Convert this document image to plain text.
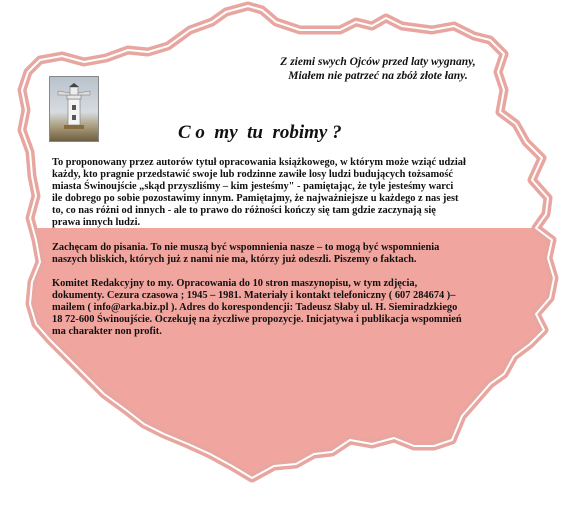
Z ziemi swych Ojców przed laty wygnany,
Miałem nie patrzeć na zbóż złote łany.
C o  my  tu  robimy ?

To proponowany przez autorów tytuł opracowania książkowego, w którym może wziąć udział
każdy, kto pragnie przedstawić swoje lub rodzinne zawiłe losy ludzi budujących tożsamość
miasta Świnoujście „skąd przyszliśmy – kim jesteśmy" - pamiętając, że tyle jesteśmy warci
ile dobrego po sobie pozostawimy innym. Pamiętajmy, że najważniejsze u każdego z nas jest
to, co nas różni od innych - ale to prawo do różności kończy się tam gdzie zaczynają się
prawa innych ludzi.

Zachęcam do pisania. To nie muszą być wspomnienia nasze – to mogą być wspomnienia
naszych bliskich, których już z nami nie ma, którzy już odeszli. Piszemy o faktach.

Komitet Redakcyjny to my. Opracowania do 10 stron maszynopisu, w tym zdjęcia,
dokumenty. Cezura czasowa ; 1945 – 1981. Materiały i kontakt telefoniczny ( 607 284674 )–
mailem ( info@arka.biz.pl ). Adres do korespondencji: Tadeusz Słaby ul. H. Siemiradzkiego
18 72-600 Świnoujście. Oczekuję na życzliwe propozycje. Inicjatywa i publikacja wspomnień
ma charakter non profit.
